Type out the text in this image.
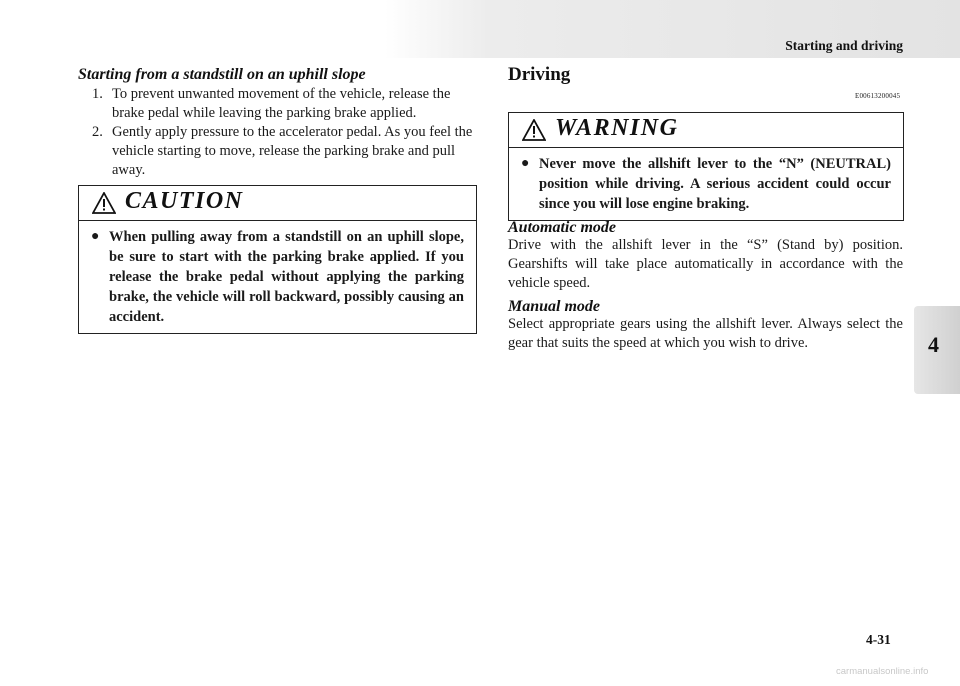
Starting and driving
4
Starting from a standstill on an uphill slope
1. To prevent unwanted movement of the vehicle, release the brake pedal while leaving the parking brake applied.
2. Gently apply pressure to the accelerator pedal. As you feel the vehicle starting to move, release the parking brake and pull away.
CAUTION
● When pulling away from a standstill on an uphill slope, be sure to start with the parking brake applied. If you release the brake pedal without applying the parking brake, the vehicle will roll backward, possibly causing an accident.
Driving
E00613200045
WARNING
● Never move the allshift lever to the “N” (NEUTRAL) position while driving. A serious accident could occur since you will lose engine braking.
Automatic mode

Drive with the allshift lever in the “S” (Stand by) position. Gearshifts will take place automatically in accordance with the vehicle speed.

Manual mode

Select appropriate gears using the allshift lever. Always select the gear that suits the speed at which you wish to drive.

4-31
carmanualsonline.info
